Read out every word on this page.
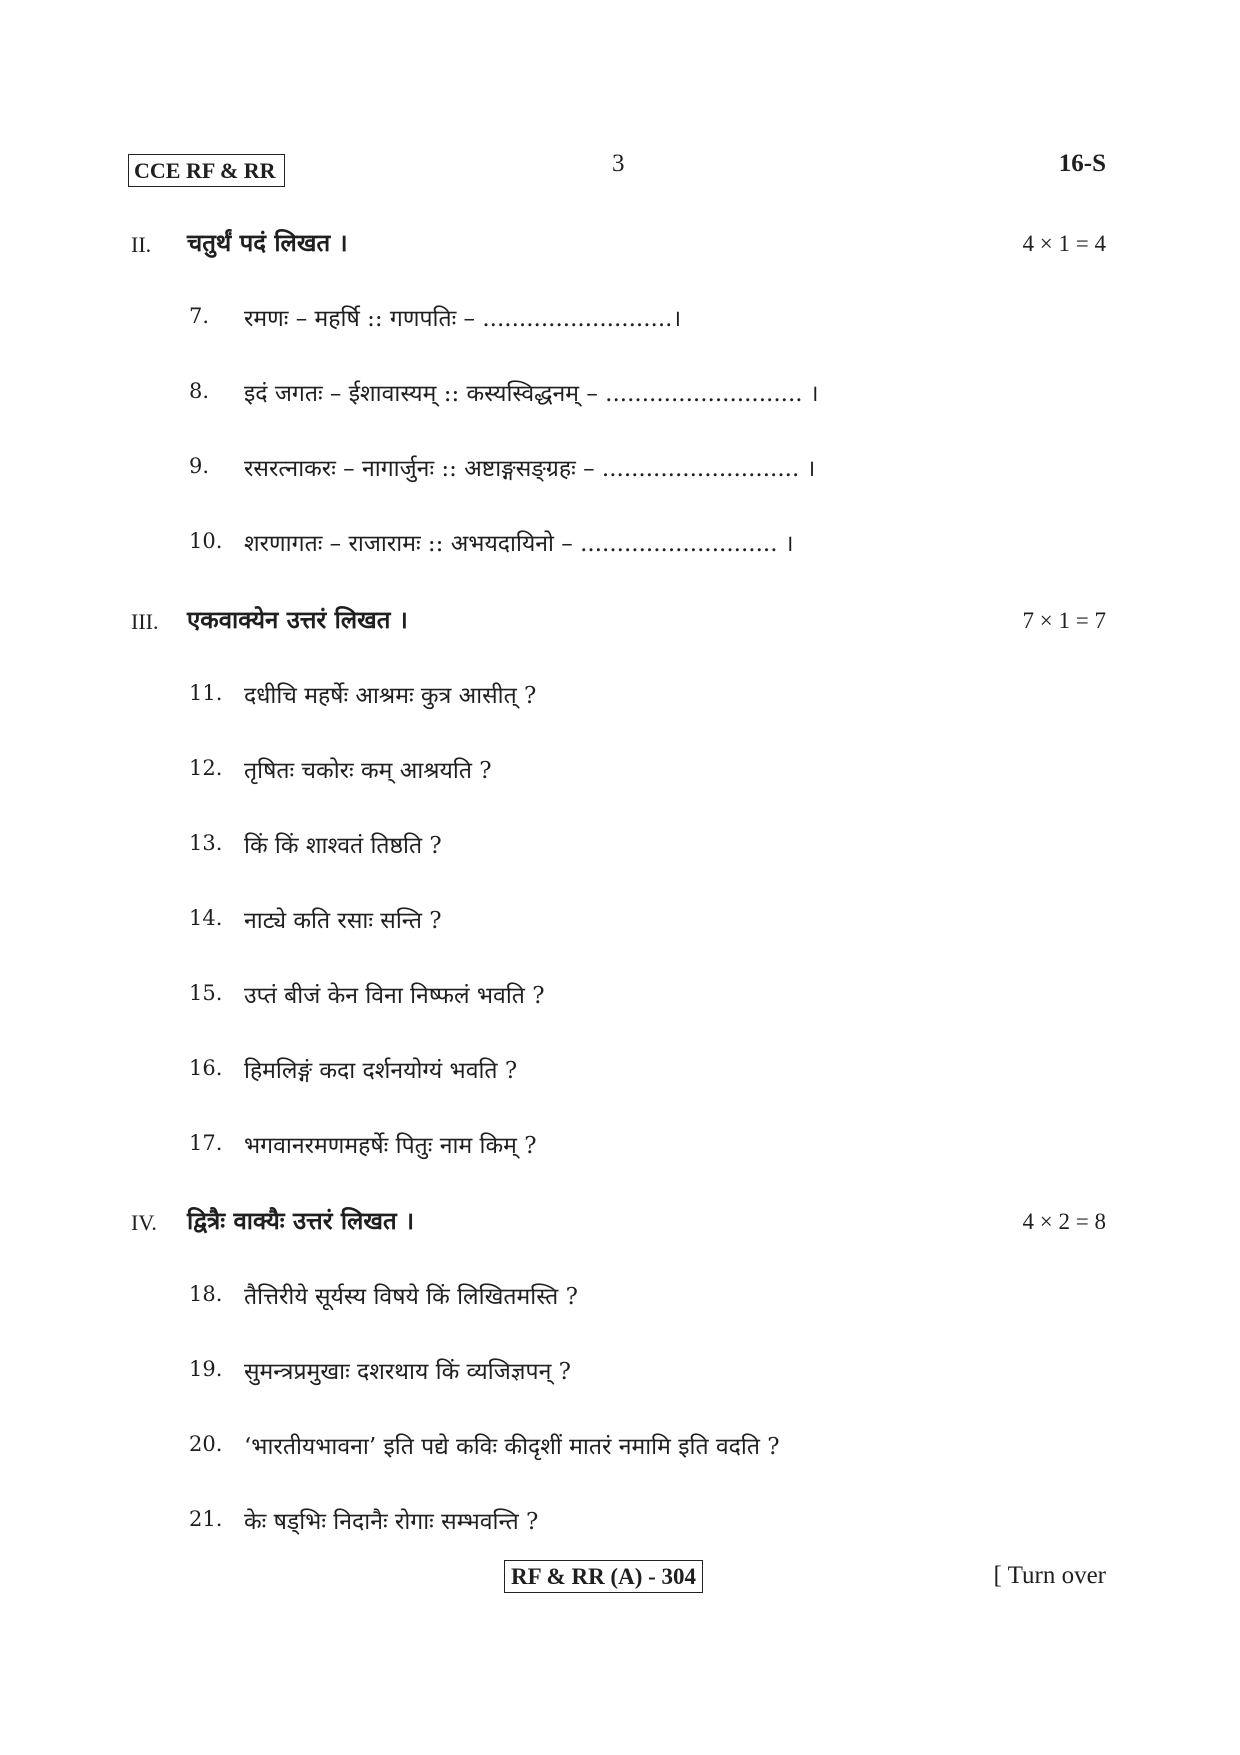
CCE RF & RR	3	16-S
II. चतुर्थं पदं लिखत ।	4 × 1 = 4
7. रमणः – महर्षि :: गणपतिः – ..........................।
8. इदं जगतः – ईशावास्यम् :: कस्यस्विद्धनम् – ........................... ।
9. रसरत्नाकरः – नागार्जुनः :: अष्टाङ्गसङ्ग्रहः – ........................... ।
10. शरणागतः – राजारामः :: अभयदायिनो – ........................... ।
III. एकवाक्येन उत्तरं लिखत ।	7 × 1 = 7
11. दधीचि महर्षेः आश्रमः कुत्र आसीत् ?
12. तृषितः चकोरः कम् आश्रयति ?
13. किं किं शाश्वतं तिष्ठति ?
14. नाट्ये कति रसाः सन्ति ?
15. उप्तं बीजं केन विना निष्फलं भवति ?
16. हिमलिङ्गं कदा दर्शनयोग्यं भवति ?
17. भगवानरमणमहर्षेः पितुः नाम किम् ?
IV. द्वित्रैः वाक्यैः उत्तरं लिखत ।	4 × 2 = 8
18. तैत्तिरीये सूर्यस्य विषये किं लिखितमस्ति ?
19. सुमन्त्रप्रमुखाः दशरथाय किं व्यजिज्ञपन् ?
20. ‘भारतीयभावना’ इति पद्ये कविः कीदृशीं मातरं नमामि इति वदति ?
21. केः षड्भिः निदानैः रोगाः सम्भवन्ति ?
RF & RR (A) - 304	[ Turn over
